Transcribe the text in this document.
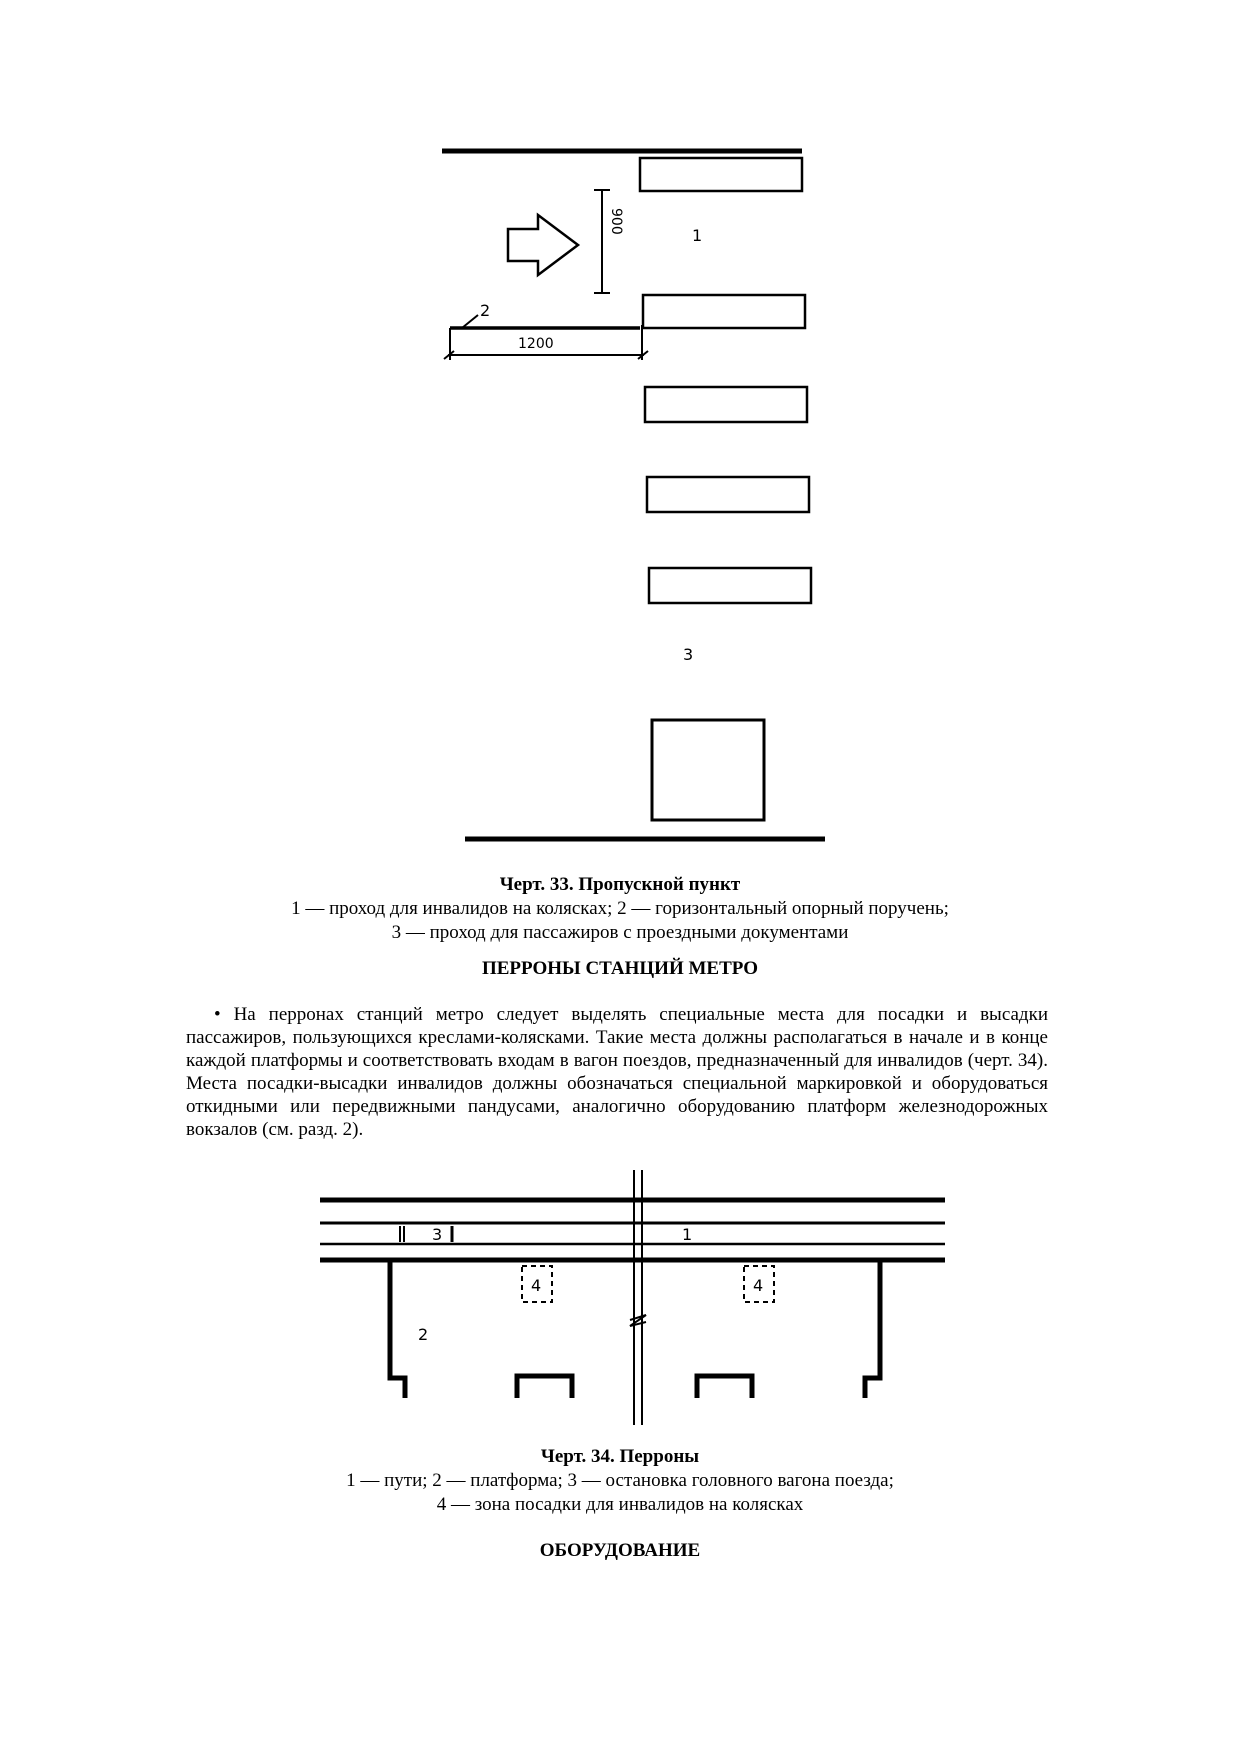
1
2
3
1200
900
Черт. 33. Пропускной пункт
1 — проход для инвалидов на колясках; 2 — горизонтальный опорный поручень;
3 — проход для пассажиров с проездными документами
ПЕРРОНЫ СТАНЦИЙ МЕТРО

• На перронах станций метро следует выделять специальные места для посадки и высадки пассажиров, пользующихся креслами-колясками. Такие места должны располагаться в начале и в конце каждой платформы и соответствовать входам в вагон поездов, предназначенный для инвалидов (черт. 34). Места посадки-высадки инвалидов должны обозначаться специальной маркировкой и оборудоваться откидными или передвижными пандусами, аналогично оборудованию платформ железнодорожных вокзалов (см. разд. 2).

1
2
3
4	4
Черт. 34. Перроны
1 — пути; 2 — платформа; 3 — остановка головного вагона поезда;
4 — зона посадки для инвалидов на колясках
ОБОРУДОВАНИЕ
